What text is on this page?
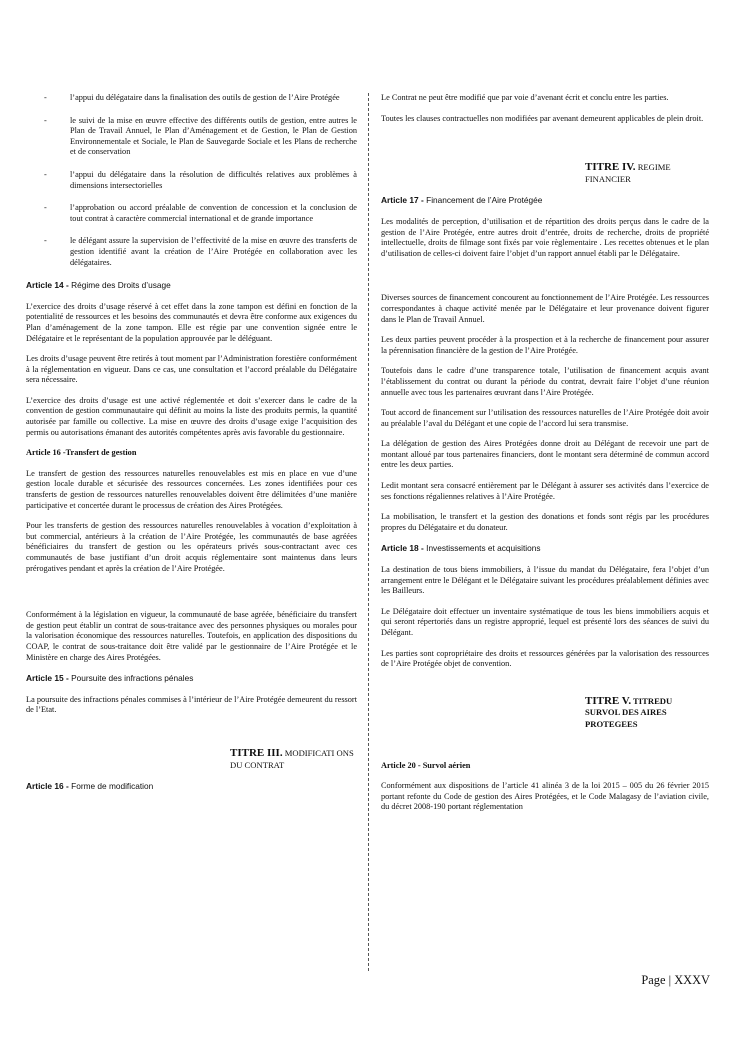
-	l’appui du délégataire dans la finalisation des outils de gestion de l’Aire Protégée
-	le suivi de la mise en œuvre effective des différents outils de gestion, entre autres le Plan de Travail Annuel, le Plan d’Aménagement et de Gestion, le Plan de Gestion Environnementale et Sociale, le Plan de Sauvegarde Sociale et les Plans de recherche et de conservation
-	l’appui du délégataire dans la résolution de difficultés relatives aux problèmes à dimensions intersectorielles
-	l’approbation ou accord préalable de convention de concession et la conclusion de tout contrat à caractère commercial international et de grande importance
-	le délégant assure la supervision de l’effectivité de la mise en œuvre des transferts de gestion identifié avant la création de l’Aire Protégée en collaboration avec les délégataires.
Article 14 - Régime des Droits d’usage

L’exercice des droits d’usage réservé à cet effet dans la zone tampon est défini en fonction de la potentialité de ressources et les besoins des communautés et devra être conforme aux exigences du Plan d’aménagement de la zone tampon. Elle est régie par une convention signée entre le Délégataire et le représentant de la population approuvée par le déléguant.

Les droits d’usage peuvent être retirés à tout moment par l’Administration forestière conformément à la réglementation en vigueur. Dans ce cas, une consultation et l’accord préalable du Délégataire sera nécessaire.

L’exercice des droits d’usage est une activé réglementée et doit s’exercer dans le cadre de la convention de gestion communautaire qui définit au moins la liste des produits permis, la quantité autorisée par famille ou collective. La mise en œuvre des droits d’usage exige l’acquisition des permis ou autorisations émanant des autorités compétentes après avis favorable du gestionnaire.

Article 16 -Transfert de gestion

Le transfert de gestion des ressources naturelles renouvelables est mis en place en vue d’une gestion locale durable et sécurisée des ressources concernées. Les zones identifiées pour ces transferts de gestion de ressources naturelles renouvelables doivent être délimitées d’une manière participative et concertée durant le processus de création des Aires Protégées.

Pour les transferts de gestion des ressources naturelles renouvelables à vocation d’exploitation à but commercial, antérieurs à la création de l’Aire Protégée, les communautés de base agréées bénéficiaires du transfert de gestion ou les opérateurs privés sous-contractant avec ces communautés de base justifiant d’un droit acquis réglementaire sont maintenus dans leurs prérogatives pendant et après la création de l’Aire Protégée.

Conformément à la législation en vigueur, la communauté de base agréée, bénéficiaire du transfert de gestion peut établir un contrat de sous-traitance avec des personnes physiques ou morales pour la valorisation économique des ressources naturelles. Toutefois, en application des dispositions du COAP, le contrat de sous-traitance doit être validé par le gestionnaire de l’Aire Protégée et le Ministère en charge des Aires Protégées.

Article 15 - Poursuite des infractions pénales

La poursuite des infractions pénales commises à l’intérieur de l’Aire Protégée demeurent du ressort de l’Etat.

TITRE III. MODIFICATI ONS DU CONTRAT
Article 16 - Forme de modification

Le Contrat ne peut être modifié que par voie d’avenant écrit et conclu entre les parties.

Toutes les clauses contractuelles non modifiées par avenant demeurent applicables de plein droit.

TITRE IV. REGIME FINANCIER
Article 17 - Financement de l’Aire Protégée

Les modalités de perception, d’utilisation et de répartition des droits perçus dans le cadre de la gestion de l’Aire Protégée, entre autres droit d’entrée, droits de recherche, droits de propriété intellectuelle, droits de filmage sont fixés par voie règlementaire . Les recettes obtenues et le plan d’utilisation de celles-ci doivent faire l’objet d’un rapport annuel établi par le Délégataire.

Diverses sources de financement concourent au fonctionnement de l’Aire Protégée. Les ressources correspondantes à chaque activité menée par le Délégataire et leur provenance doivent figurer dans le Plan de Travail Annuel.

Les deux parties peuvent procéder à la prospection et à la recherche de financement pour assurer la pérennisation financière de la gestion de l’Aire Protégée.

Toutefois dans le cadre d’une transparence totale, l’utilisation de financement acquis avant l’établissement du contrat ou durant la période du contrat, devrait faire l’objet d’une réunion annuelle avec tous les partenaires œuvrant dans l’Aire Protégée.

Tout accord de financement sur l’utilisation des ressources naturelles de l’Aire Protégée doit avoir au préalable l’aval du Délégant et une copie de l’accord lui sera transmise.

La délégation de gestion des Aires Protégées donne droit au Délégant de recevoir une part de montant alloué par tous partenaires financiers, dont le montant sera déterminé de commun accord entre les deux parties.

Ledit montant sera consacré entièrement par le Délégant à assurer ses activités dans l’exercice de ses fonctions régaliennes relatives à l’Aire Protégée.

La mobilisation, le transfert et la gestion des donations et fonds sont régis par les procédures propres du Délégataire et du donateur.

Article 18 - Investissements et acquisitions

La destination de tous biens immobiliers, à l’issue du mandat du Délégataire, fera l’objet d’un arrangement entre le Délégant et le Délégataire suivant les procédures préalablement définies avec les Bailleurs.

Le Délégataire doit effectuer un inventaire systématique de tous les biens immobiliers acquis et qui seront répertoriés dans un registre approprié, lequel est présenté lors des séances de suivi du Délégant.

Les parties sont copropriétaire des droits et ressources générées par la valorisation des ressources de l’Aire Protégée objet de convention.

TITRE V. TITREDU SURVOL DES AIRES PROTEGEES
Article 20 - Survol aérien

Conformément aux dispositions de l’article 41 alinéa 3 de la loi 2015 – 005 du 26 février 2015 portant refonte du Code de gestion des Aires Protégées, et le Code Malagasy de l’aviation civile, du décret 2008-190 portant réglementation

Page | XXXV
